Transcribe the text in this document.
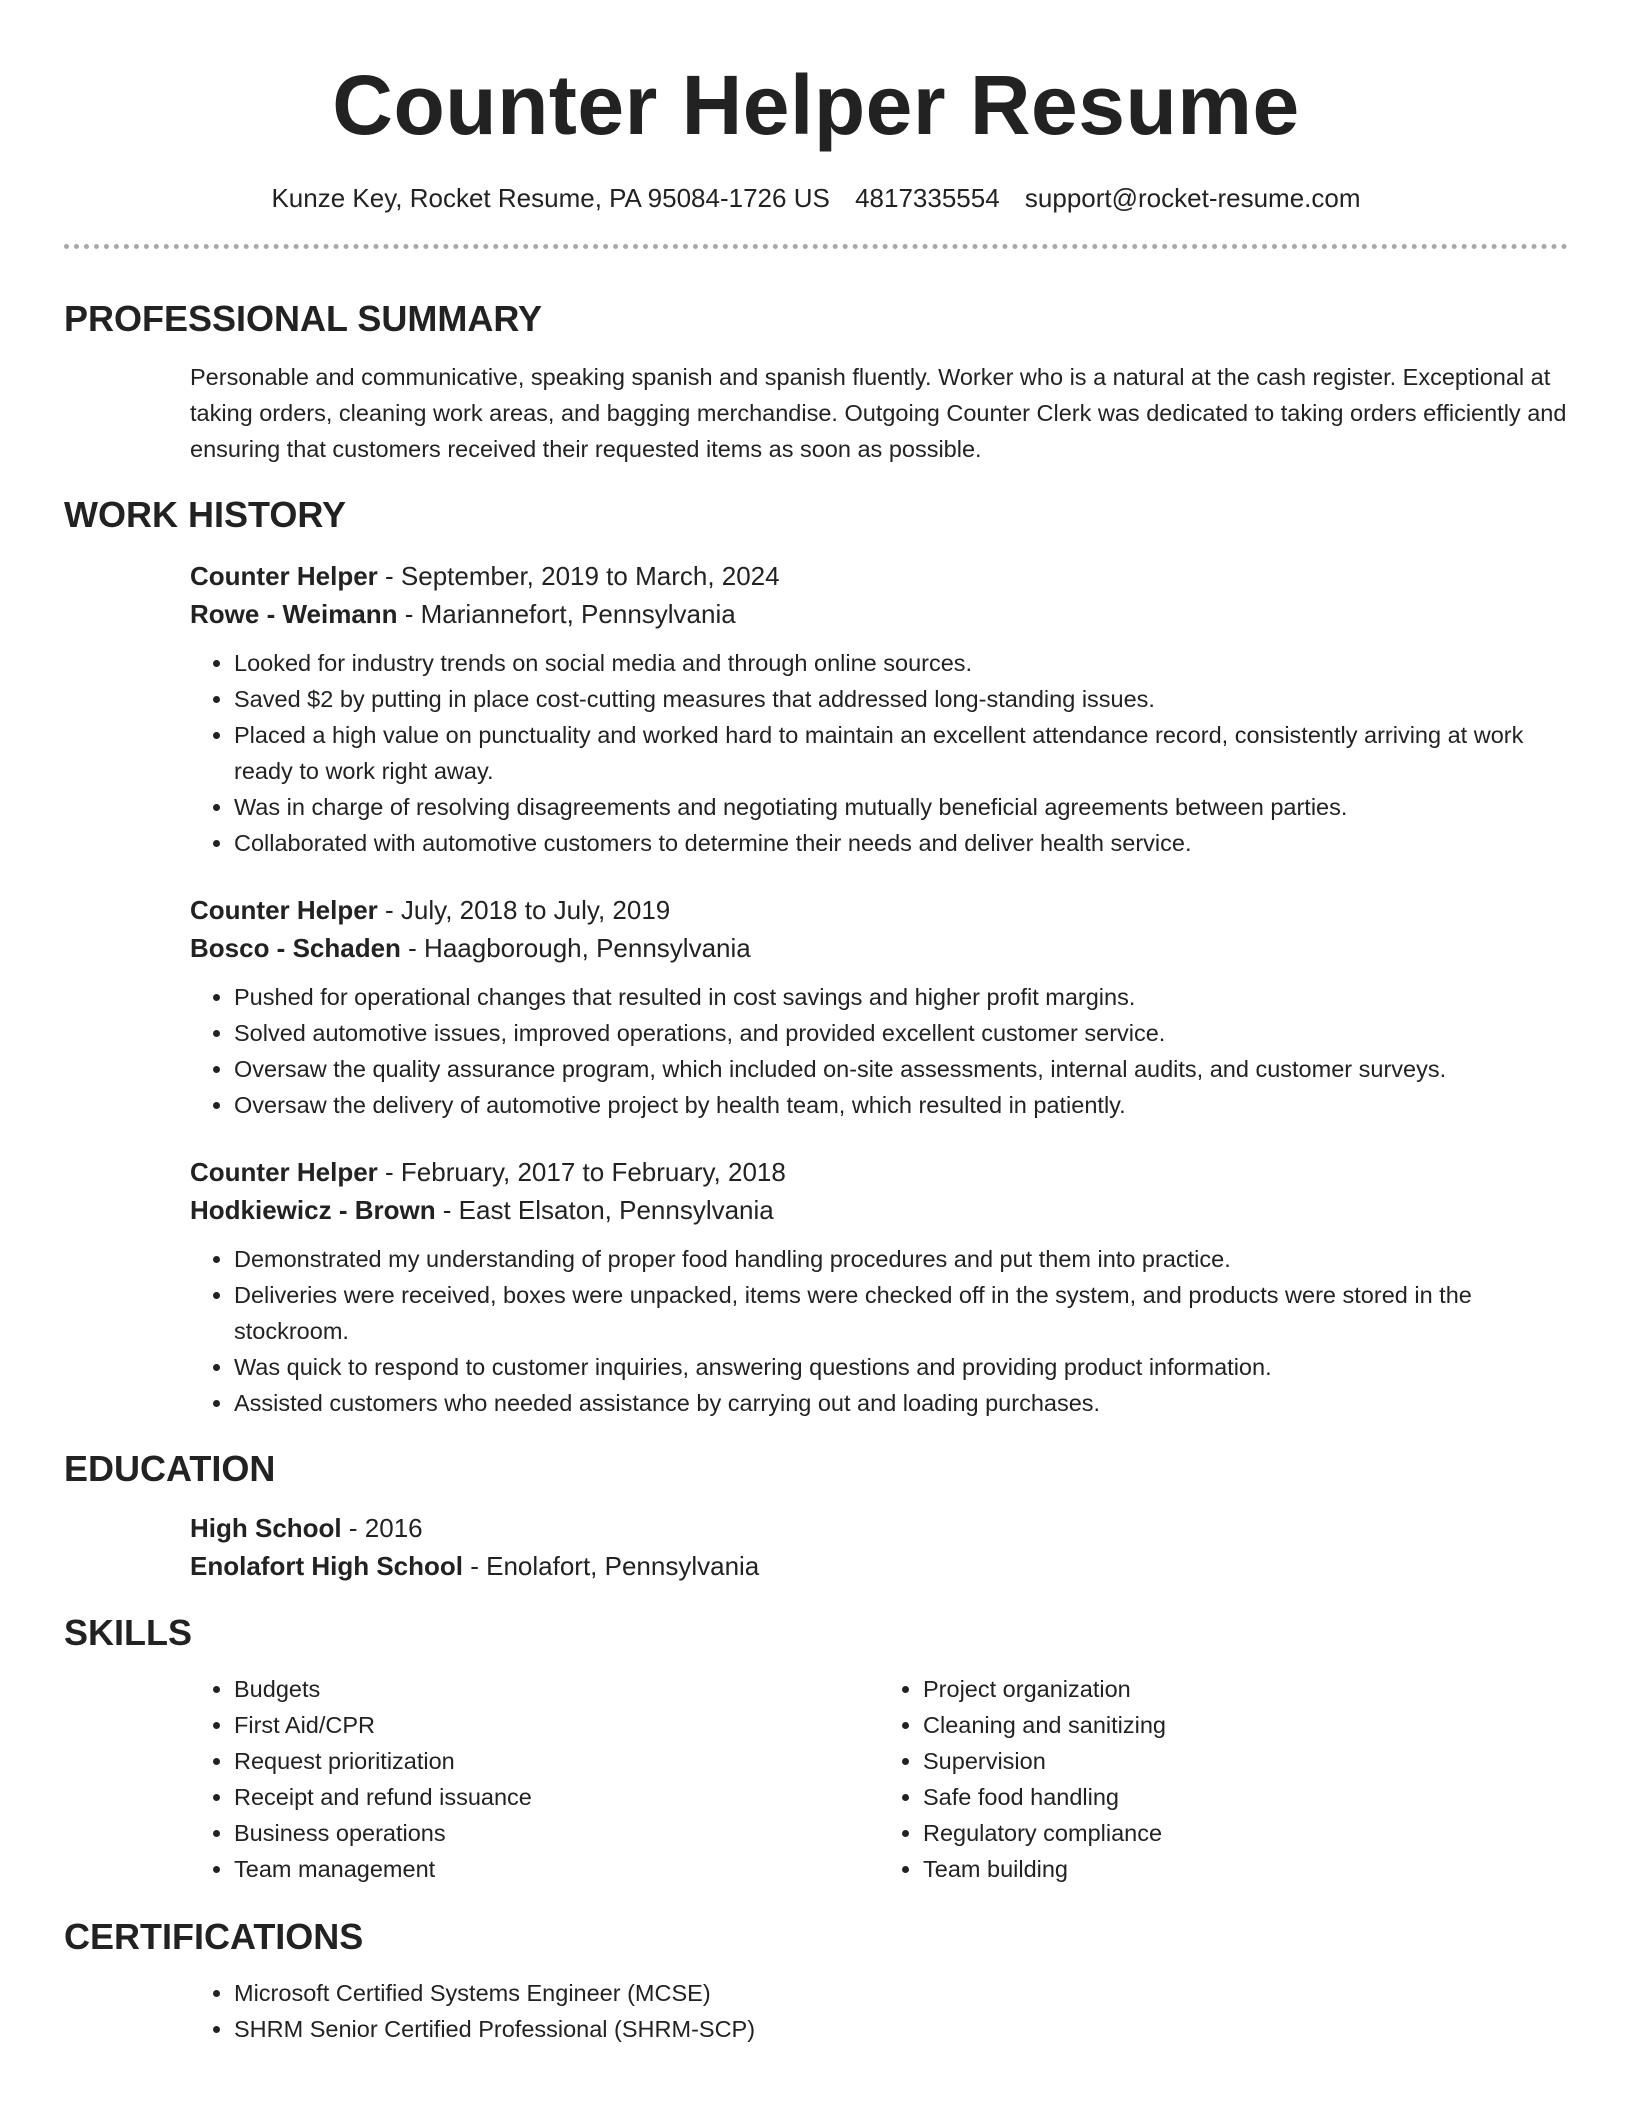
Counter Helper Resume
Kunze Key, Rocket Resume, PA 95084-1726 US 4817335554 support@rocket-resume.com
PROFESSIONAL SUMMARY
Personable and communicative, speaking spanish and spanish fluently. Worker who is a natural at the cash register. Exceptional at taking orders, cleaning work areas, and bagging merchandise. Outgoing Counter Clerk was dedicated to taking orders efficiently and ensuring that customers received their requested items as soon as possible.
WORK HISTORY
Counter Helper - September, 2019 to March, 2024
Rowe - Weimann - Mariannefort, Pennsylvania
• Looked for industry trends on social media and through online sources.
• Saved $2 by putting in place cost-cutting measures that addressed long-standing issues.
• Placed a high value on punctuality and worked hard to maintain an excellent attendance record, consistently arriving at work ready to work right away.
• Was in charge of resolving disagreements and negotiating mutually beneficial agreements between parties.
• Collaborated with automotive customers to determine their needs and deliver health service.
Counter Helper - July, 2018 to July, 2019
Bosco - Schaden - Haagborough, Pennsylvania
• Pushed for operational changes that resulted in cost savings and higher profit margins.
• Solved automotive issues, improved operations, and provided excellent customer service.
• Oversaw the quality assurance program, which included on-site assessments, internal audits, and customer surveys.
• Oversaw the delivery of automotive project by health team, which resulted in patiently.
Counter Helper - February, 2017 to February, 2018
Hodkiewicz - Brown - East Elsaton, Pennsylvania
• Demonstrated my understanding of proper food handling procedures and put them into practice.
• Deliveries were received, boxes were unpacked, items were checked off in the system, and products were stored in the stockroom.
• Was quick to respond to customer inquiries, answering questions and providing product information.
• Assisted customers who needed assistance by carrying out and loading purchases.
EDUCATION
High School - 2016
Enolafort High School - Enolafort, Pennsylvania
SKILLS
• Budgets
• First Aid/CPR
• Request prioritization
• Receipt and refund issuance
• Business operations
• Team management
• Project organization
• Cleaning and sanitizing
• Supervision
• Safe food handling
• Regulatory compliance
• Team building
CERTIFICATIONS
• Microsoft Certified Systems Engineer (MCSE)
• SHRM Senior Certified Professional (SHRM-SCP)
